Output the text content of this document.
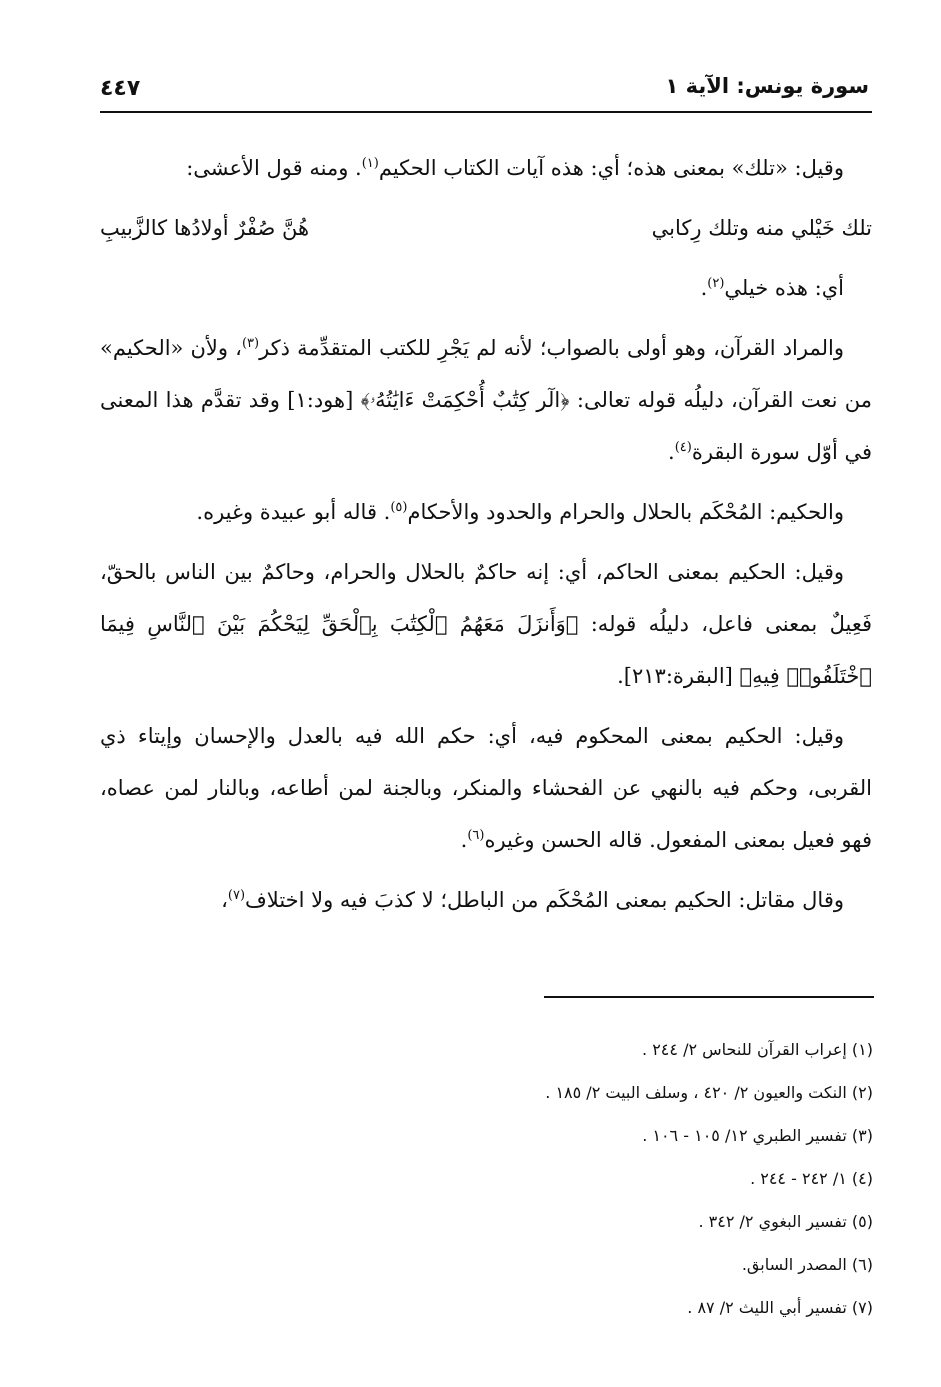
سورة يونس: الآية ١
٤٤٧

وقيل: «تلك» بمعنى هذه؛ أي: هذه آيات الكتاب الحكيم$^{(١)}$. ومنه قول الأعشى:

تلك خَيْلي منه وتلك رِكابي
هُنَّ صُفْرٌ أولادُها كالزَّبيبِ

أي: هذه خيلي$^{(٢)}$.

والمراد القرآن، وهو أولى بالصواب؛ لأنه لم يَجْرِ للكتب المتقدِّمة ذكر$^{(٣)}$، ولأن «الحكيم» من نعت القرآن، دليلُه قوله تعالى: ﴿الٓر كِتَٰبٌ أُحْكِمَتْ ءَايَٰتُهُۥ﴾ [هود:١] وقد تقدَّم هذا المعنى في أوّل سورة البقرة$^{(٤)}$.

والحكيم: المُحْكَم بالحلال والحرام والحدود والأحكام$^{(٥)}$. قاله أبو عبيدة وغيره.

وقيل: الحكيم بمعنى الحاكم، أي: إنه حاكمٌ بالحلال والحرام، وحاكمٌ بين الناس بالحقّ، فَعِيلٌ بمعنى فاعل، دليلُه قوله: ﴿وَأَنزَلَ مَعَهُمُ ٱلْكِتَٰبَ بِٱلْحَقِّ لِيَحْكُمَ بَيْنَ ٱلنَّاسِ فِيمَا ٱخْتَلَفُوا۟ فِيهِ﴾ [البقرة:٢١٣].

وقيل: الحكيم بمعنى المحكوم فيه، أي: حكم الله فيه بالعدل والإحسان وإيتاء ذي القربى، وحكم فيه بالنهي عن الفحشاء والمنكر، وبالجنة لمن أطاعه، وبالنار لمن عصاه، فهو فعيل بمعنى المفعول. قاله الحسن وغيره$^{(٦)}$.

وقال مقاتل: الحكيم بمعنى المُحْكَم من الباطل؛ لا كذبَ فيه ولا اختلاف$^{(٧)}$،

(١) إعراب القرآن للنحاس ٢/ ٢٤٤ .
(٢) النكت والعيون ٢/ ٤٢٠ ، وسلف البيت ٢/ ١٨٥ .
(٣) تفسير الطبري ١٢/ ١٠٥ - ١٠٦ .
(٤) ١/ ٢٤٢ - ٢٤٤ .
(٥) تفسير البغوي ٢/ ٣٤٢ .
(٦) المصدر السابق.
(٧) تفسير أبي الليث ٢/ ٨٧ .
